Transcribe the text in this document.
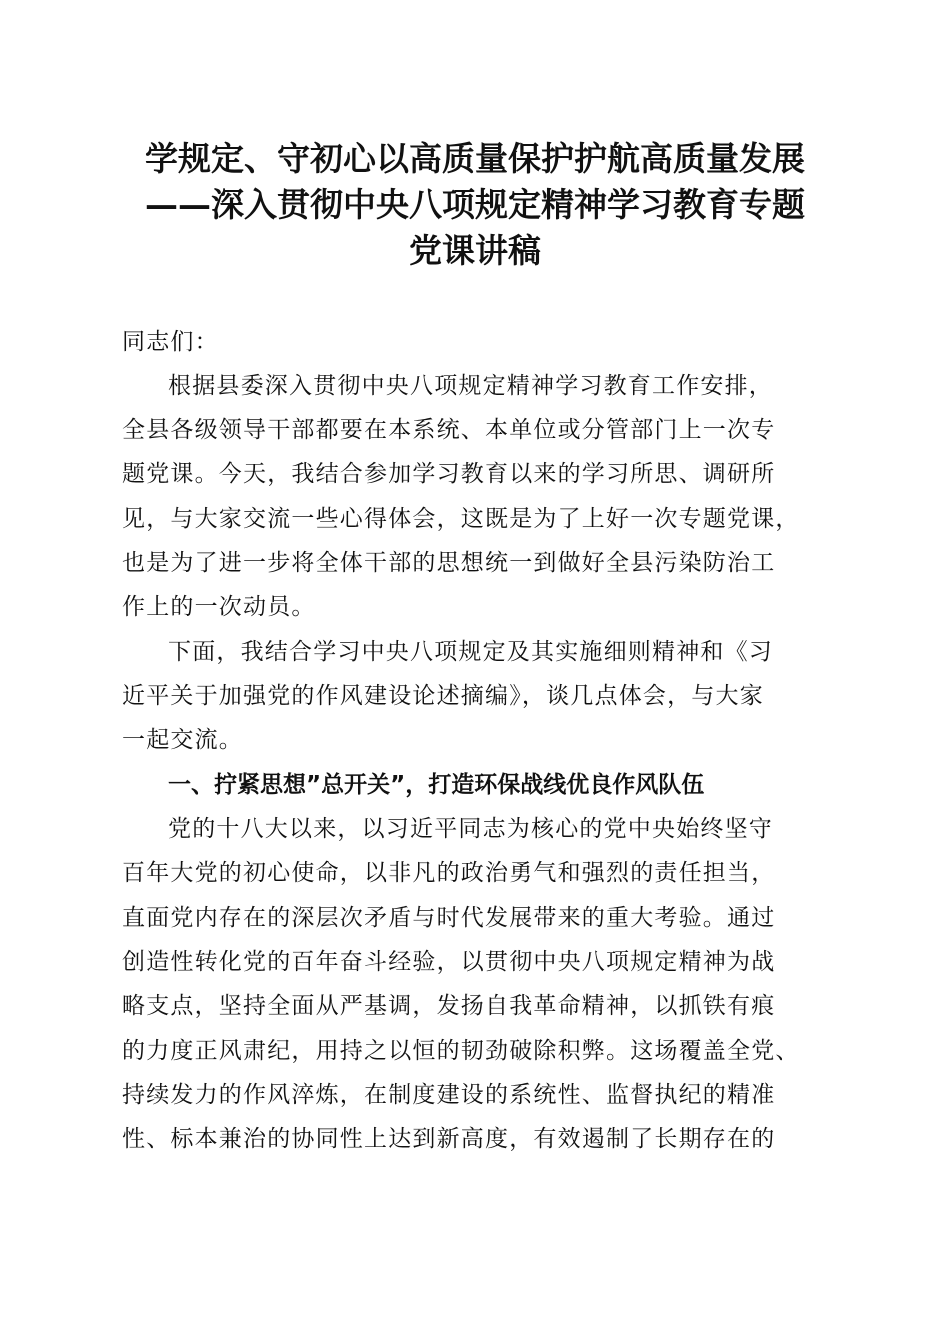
学规定、守初心以高质量保护护航高质量发展
——深入贯彻中央八项规定精神学习教育专题
党课讲稿

同志们：

根据县委深入贯彻中央八项规定精神学习教育工作安排，

全县各级领导干部都要在本系统、本单位或分管部门上一次专

题党课。今天，我结合参加学习教育以来的学习所思、调研所

见，与大家交流一些心得体会，这既是为了上好一次专题党课，

也是为了进一步将全体干部的思想统一到做好全县污染防治工

作上的一次动员。

下面，我结合学习中央八项规定及其实施细则精神和《习

近平关于加强党的作风建设论述摘编》，谈几点体会，与大家

一起交流。

一、拧紧思想”总开关”，打造环保战线优良作风队伍

党的十八大以来，以习近平同志为核心的党中央始终坚守

百年大党的初心使命，以非凡的政治勇气和强烈的责任担当，

直面党内存在的深层次矛盾与时代发展带来的重大考验。通过

创造性转化党的百年奋斗经验，以贯彻中央八项规定精神为战

略支点，坚持全面从严基调，发扬自我革命精神，以抓铁有痕

的力度正风肃纪，用持之以恒的韧劲破除积弊。这场覆盖全党、

持续发力的作风淬炼，在制度建设的系统性、监督执纪的精准

性、标本兼治的协同性上达到新高度，有效遏制了长期存在的
